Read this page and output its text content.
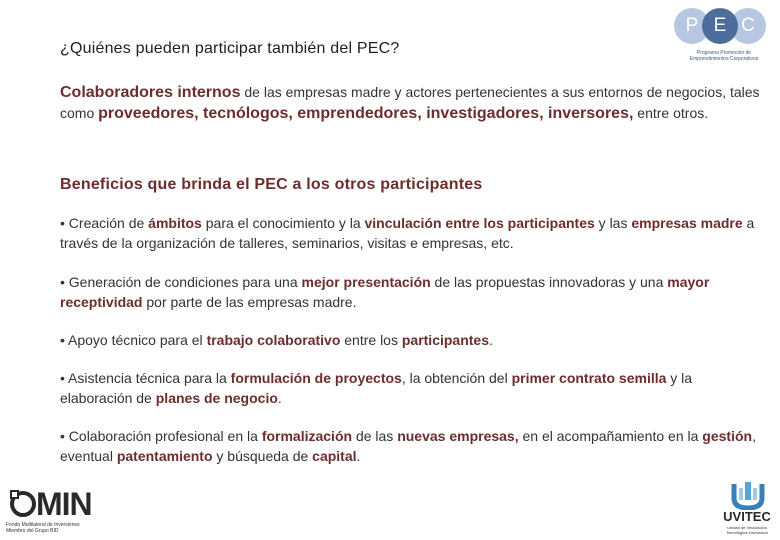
¿Quiénes pueden participar también del PEC?
P E C
Programa Promoción de
Emprendimientos Corporativos
Colaboradores internos de las empresas madre y actores pertenecientes a sus entornos de negocios, tales como proveedores, tecnólogos, emprendedores, investigadores, inversores, entre otros.
Beneficios que brinda el PEC a los otros participantes
• Creación de ámbitos para el conocimiento y la vinculación entre los participantes y las empresas madre a través de la organización de talleres, seminarios, visitas e empresas, etc.
• Generación de condiciones para una mejor presentación de las propuestas innovadoras y una mayor receptividad por parte de las empresas madre.
• Apoyo técnico para el trabajo colaborativo entre los participantes.
• Asistencia técnica para la formulación de proyectos, la obtención del primer contrato semilla y la elaboración de planes de negocio.
• Colaboración profesional en la formalización de las nuevas empresas, en el acompañamiento en la gestión, eventual patentamiento y búsqueda de capital.
MIN
Fondo Multilateral de Inversiones
Miembro del Grupo BID
UVITEC
Unidad de Vinculación
Tecnológica Innovación
